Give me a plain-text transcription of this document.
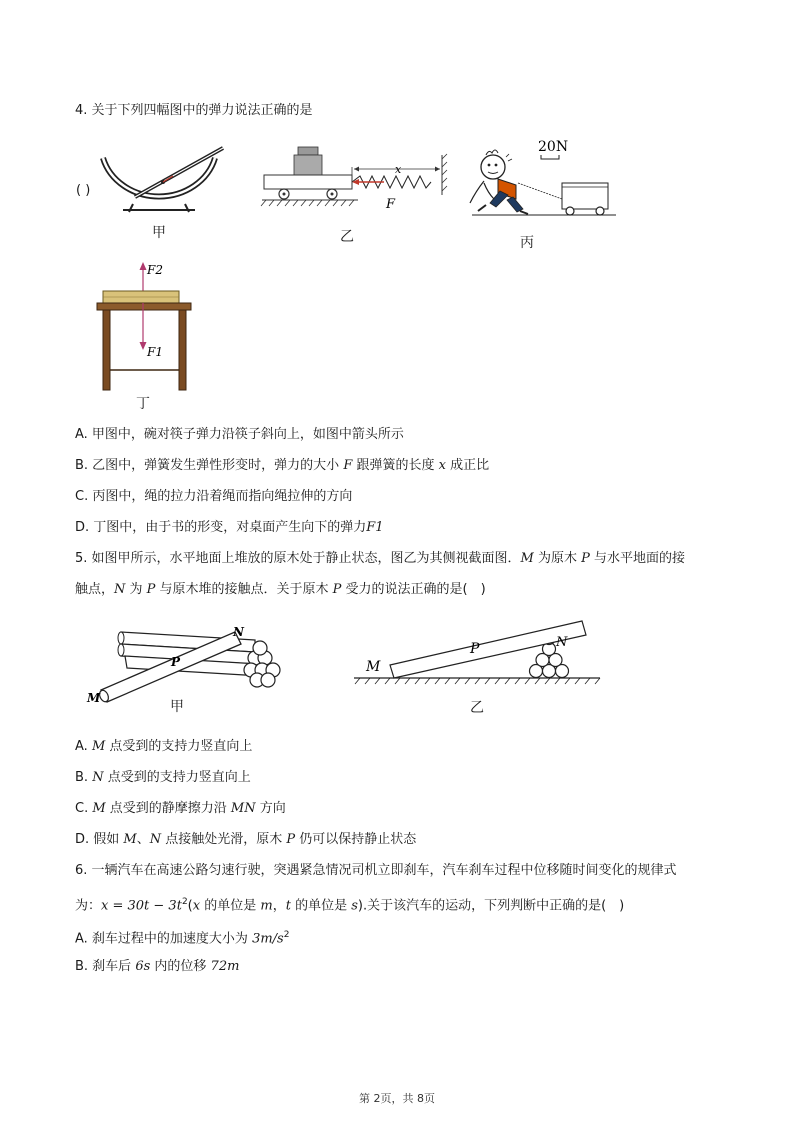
4. 关于下列四幅图中的弹力说法正确的是
( )
甲
x
F
乙
20N
丙
F2
F1
丁
A. 甲图中，碗对筷子弹力沿筷子斜向上，如图中箭头所示
B. 乙图中，弹簧发生弹性形变时，弹力的大小 F 跟弹簧的长度 x 成正比
C. 丙图中，绳的拉力沿着绳而指向绳拉伸的方向
D. 丁图中，由于书的形变，对桌面产生向下的弹力F1
5. 如图甲所示，水平地面上堆放的原木处于静止状态，图乙为其侧视截面图．M 为原木 P 与水平地面的接
触点，N 为 P 与原木堆的接触点．关于原木 P 受力的说法正确的是(　)
N
P
M
甲
M
P	N
乙
A. M 点受到的支持力竖直向上
B. N 点受到的支持力竖直向上
C. M 点受到的静摩擦力沿 MN 方向
D. 假如 M、N 点接触处光滑，原木 P 仍可以保持静止状态
6. 一辆汽车在高速公路匀速行驶，突遇紧急情况司机立即刹车，汽车刹车过程中位移随时间变化的规律式
为：$x = 30t - 3t^2(x$ 的单位是 m，t 的单位是 s).关于该汽车的运动，下列判断中正确的是(　)
A. 刹车过程中的加速度大小为 $3m/s^2$
B. 刹车后 6s 内的位移 72m
第 2页，共 8页
